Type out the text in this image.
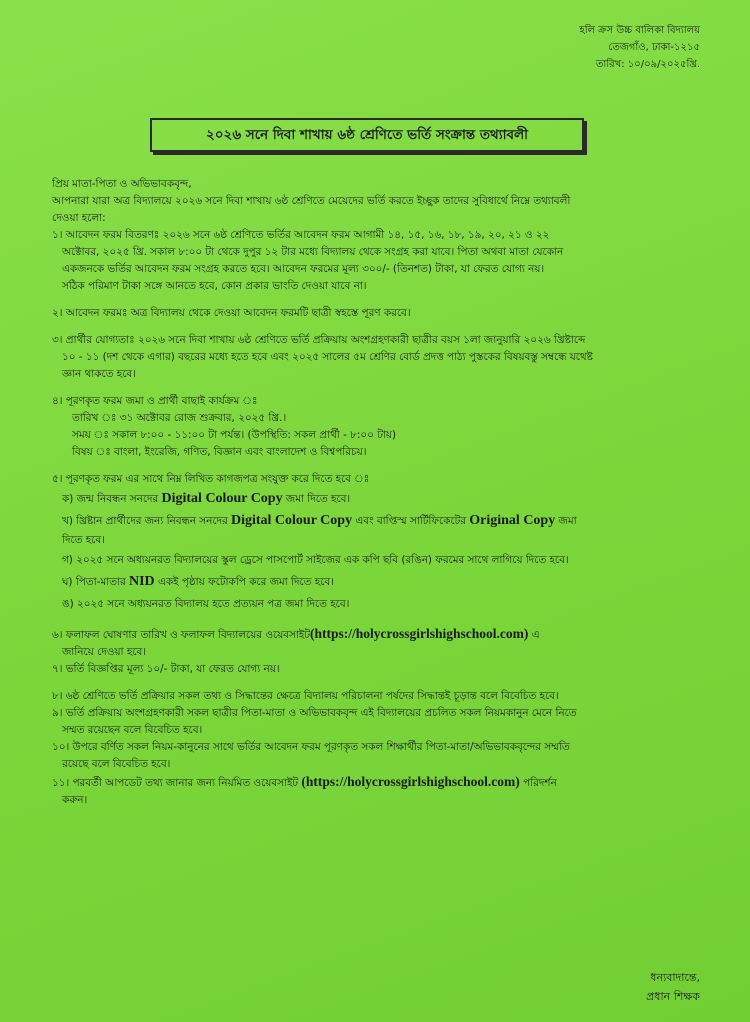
হলি ক্রস উচ্চ বালিকা বিদ্যালয়
তেজগাঁও, ঢাকা-১২১৫
তারিখ: ১০/০৯/২০২৫খ্রি.
২০২৬ সনে দিবা শাখায় ৬ষ্ঠ শ্রেণিতে ভর্তি সংক্রান্ত তথ্যাবলী

প্রিয় মাতা-পিতা ও অভিভাবকবৃন্দ,

আপনারা যারা অত্র বিদ্যালয়ে ২০২৬ সনে দিবা শাখায় ৬ষ্ঠ শ্রেণিতে মেয়েদের ভর্তি করতে ইচ্ছুক তাদের সুবিধার্থে নিম্নে তথ্যাবলী

দেওয়া হলো:

১। আবেদন ফরম বিতরণঃ ২০২৬ সনে ৬ষ্ঠ শ্রেণিতে ভর্তির আবেদন ফরম আগামী ১৪, ১৫, ১৬, ১৮, ১৯, ২০, ২১ ও ২২

অক্টোবর, ২০২৫ খ্রি. সকাল ৮:০০ টা থেকে দুপুর ১২ টার মধ্যে বিদ্যালয় থেকে সংগ্রহ করা যাবে। পিতা অথবা মাতা যেকোন

একজনকে ভর্তির আবেদন ফরম সংগ্রহ করতে হবে। আবেদন ফরমের মূল্য ৩০০/- (তিনশত) টাকা, যা ফেরত যোগ্য নয়।

সঠিক পরিমাণ টাকা সঙ্গে আনতে হবে, কোন প্রকার ভাংতি দেওয়া যাবে না।

২। আবেদন ফরমঃ অত্র বিদ্যালয় থেকে দেওয়া আবেদন ফরমটি ছাত্রী স্বহস্তে পূরণ করবে।

৩। প্রার্থীর যোগ্যতাঃ ২০২৬ সনে দিবা শাখায় ৬ষ্ঠ শ্রেণিতে ভর্তি প্রক্রিয়ায় অংশগ্রহণকারী ছাত্রীর বয়স ১লা জানুয়ারি ২০২৬ খ্রিষ্টাব্দে

১০ - ১১ (দশ থেকে এগার) বছরের মধ্যে হতে হবে এবং ২০২৫ সালের ৫ম শ্রেণির বোর্ড প্রদত্ত পাঠ্য পুস্তকের বিষয়বস্তু সম্বন্ধে যথেষ্ট

জ্ঞান থাকতে হবে।

৪। পূরণকৃত ফরম জমা ও প্রার্থী বাছাই কার্যক্রম ঃ

তারিখ ঃ ৩১ অক্টোবর রোজ শুক্রবার, ২০২৫ খ্রি.।

সময় ঃ সকাল ৮:০০ - ১১:০০ টা পর্যন্ত। (উপস্থিতি: সকল প্রার্থী - ৮:০০ টায়)

বিষয় ঃ বাংলা, ইংরেজি, গণিত, বিজ্ঞান এবং বাংলাদেশ ও বিশ্বপরিচয়।

৫। পূরণকৃত ফরম এর সাথে নিম্ন লিখিত কাগজপত্র সংযুক্ত করে দিতে হবে ঃ

ক) জন্ম নিবন্ধন সনদের Digital Colour Copy জমা দিতে হবে।

খ) খ্রিষ্টান প্রার্থীদের জন্য নিবন্ধন সনদের Digital Colour Copy এবং বাপ্তিস্ম সার্টিফিকেটের Original Copy জমা

দিতে হবে।

গ) ২০২৫ সনে অধ্যয়নরত বিদ্যালয়ের স্কুল ড্রেসে পাসপোর্ট সাইজের এক কপি ছবি (রঙিন) ফরমের সাথে লাগিয়ে দিতে হবে।

ঘ) পিতা-মাতার NID একই পৃষ্ঠায় ফটোকপি করে জমা দিতে হবে।

ঙ) ২০২৫ সনে অধ্যয়নরত বিদ্যালয় হতে প্রত্যয়ন পত্র জমা দিতে হবে।

৬। ফলাফল ঘোষণার তারিখ ও ফলাফল বিদ্যালয়ের ওয়েবসাইট(https://holycrossgirlshighschool.com) এ

জানিয়ে দেওয়া হবে।

৭। ভর্তি বিজ্ঞপ্তির মূল্য ১০/- টাকা, যা ফেরত যোগ্য নয়।

৮। ৬ষ্ঠ শ্রেণিতে ভর্তি প্রক্রিয়ার সকল তথ্য ও সিদ্ধান্তের ক্ষেত্রে বিদ্যালয় পরিচালনা পর্ষদের সিদ্ধান্তই চূড়ান্ত বলে বিবেচিত হবে।

৯। ভর্তি প্রক্রিয়ায় অংশগ্রহণকারী সকল ছাত্রীর পিতা-মাতা ও অভিভাবকবৃন্দ এই বিদ্যালয়ের প্রচলিত সকল নিয়মকানুন মেনে নিতে

সম্মত রয়েছেন বলে বিবেচিত হবে।

১০। উপরে বর্ণিত সকল নিয়ম-কানুনের সাথে ভর্তির আবেদন ফরম পূরণকৃত সকল শিক্ষার্থীর পিতা-মাতা/অভিভাবকবৃন্দের সম্মতি

রয়েছে বলে বিবেচিত হবে।

১১। পরবর্তী আপডেট তথ্য জানার জন্য নিয়মিত ওয়েবসাইট (https://holycrossgirlshighschool.com) পরিদর্শন

করুন।

ধন্যবাদান্তে,
প্রধান শিক্ষক
